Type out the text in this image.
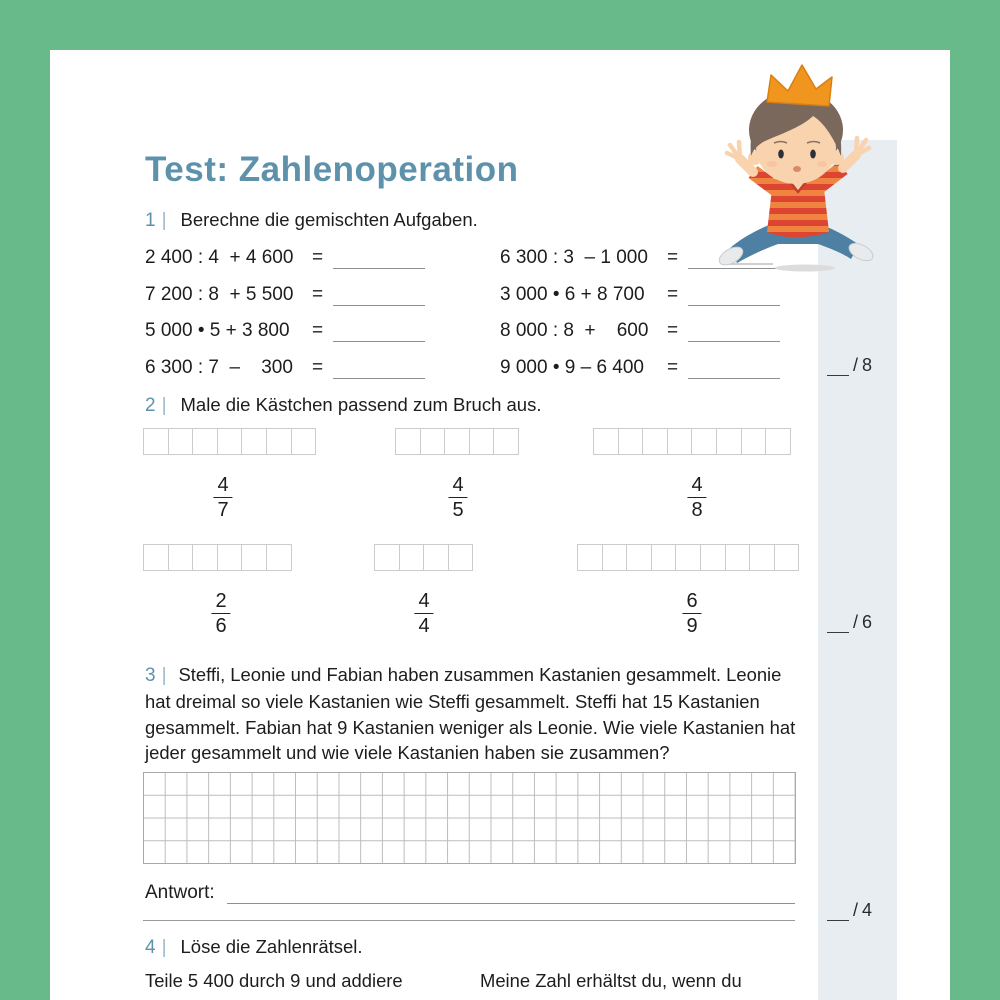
Test: Zahlenoperation
1 | Berechne die gemischten Aufgaben.
2 400 : 4  + 4 600 =
7 200 : 8  + 5 500 =
5 000 • 5 + 3 800	=
6 300 : 7  –    300	=
6 300 : 3  – 1 000	=
3 000 • 6 + 8 700	=
8 000 : 8  +    600 =
9 000 • 9 – 6 400	=	/ 8
2 | Male die Kästchen passend zum Bruch aus.
$\frac{4}{7}$	$\frac{4}{5}$	$\frac{4}{8}$
$\frac{2}{6}$	$\frac{4}{4}$	$\frac{6}{9}$	/ 6

3 | Steffi, Leonie und Fabian haben zusammen Kastanien gesammelt. Leonie hat dreimal so viele Kastanien wie Steffi gesammelt. Steffi hat 15 Kastanien gesammelt. Fabian hat 9 Kastanien weniger als Leonie. Wie viele Kastanien hat jeder gesammelt und wie viele Kastanien haben sie zusammen?

Antwort:
/ 4
4 | Löse die Zahlenrätsel.
Teile 5 400 durch 9 und addiere	Meine Zahl erhältst du, wenn du
